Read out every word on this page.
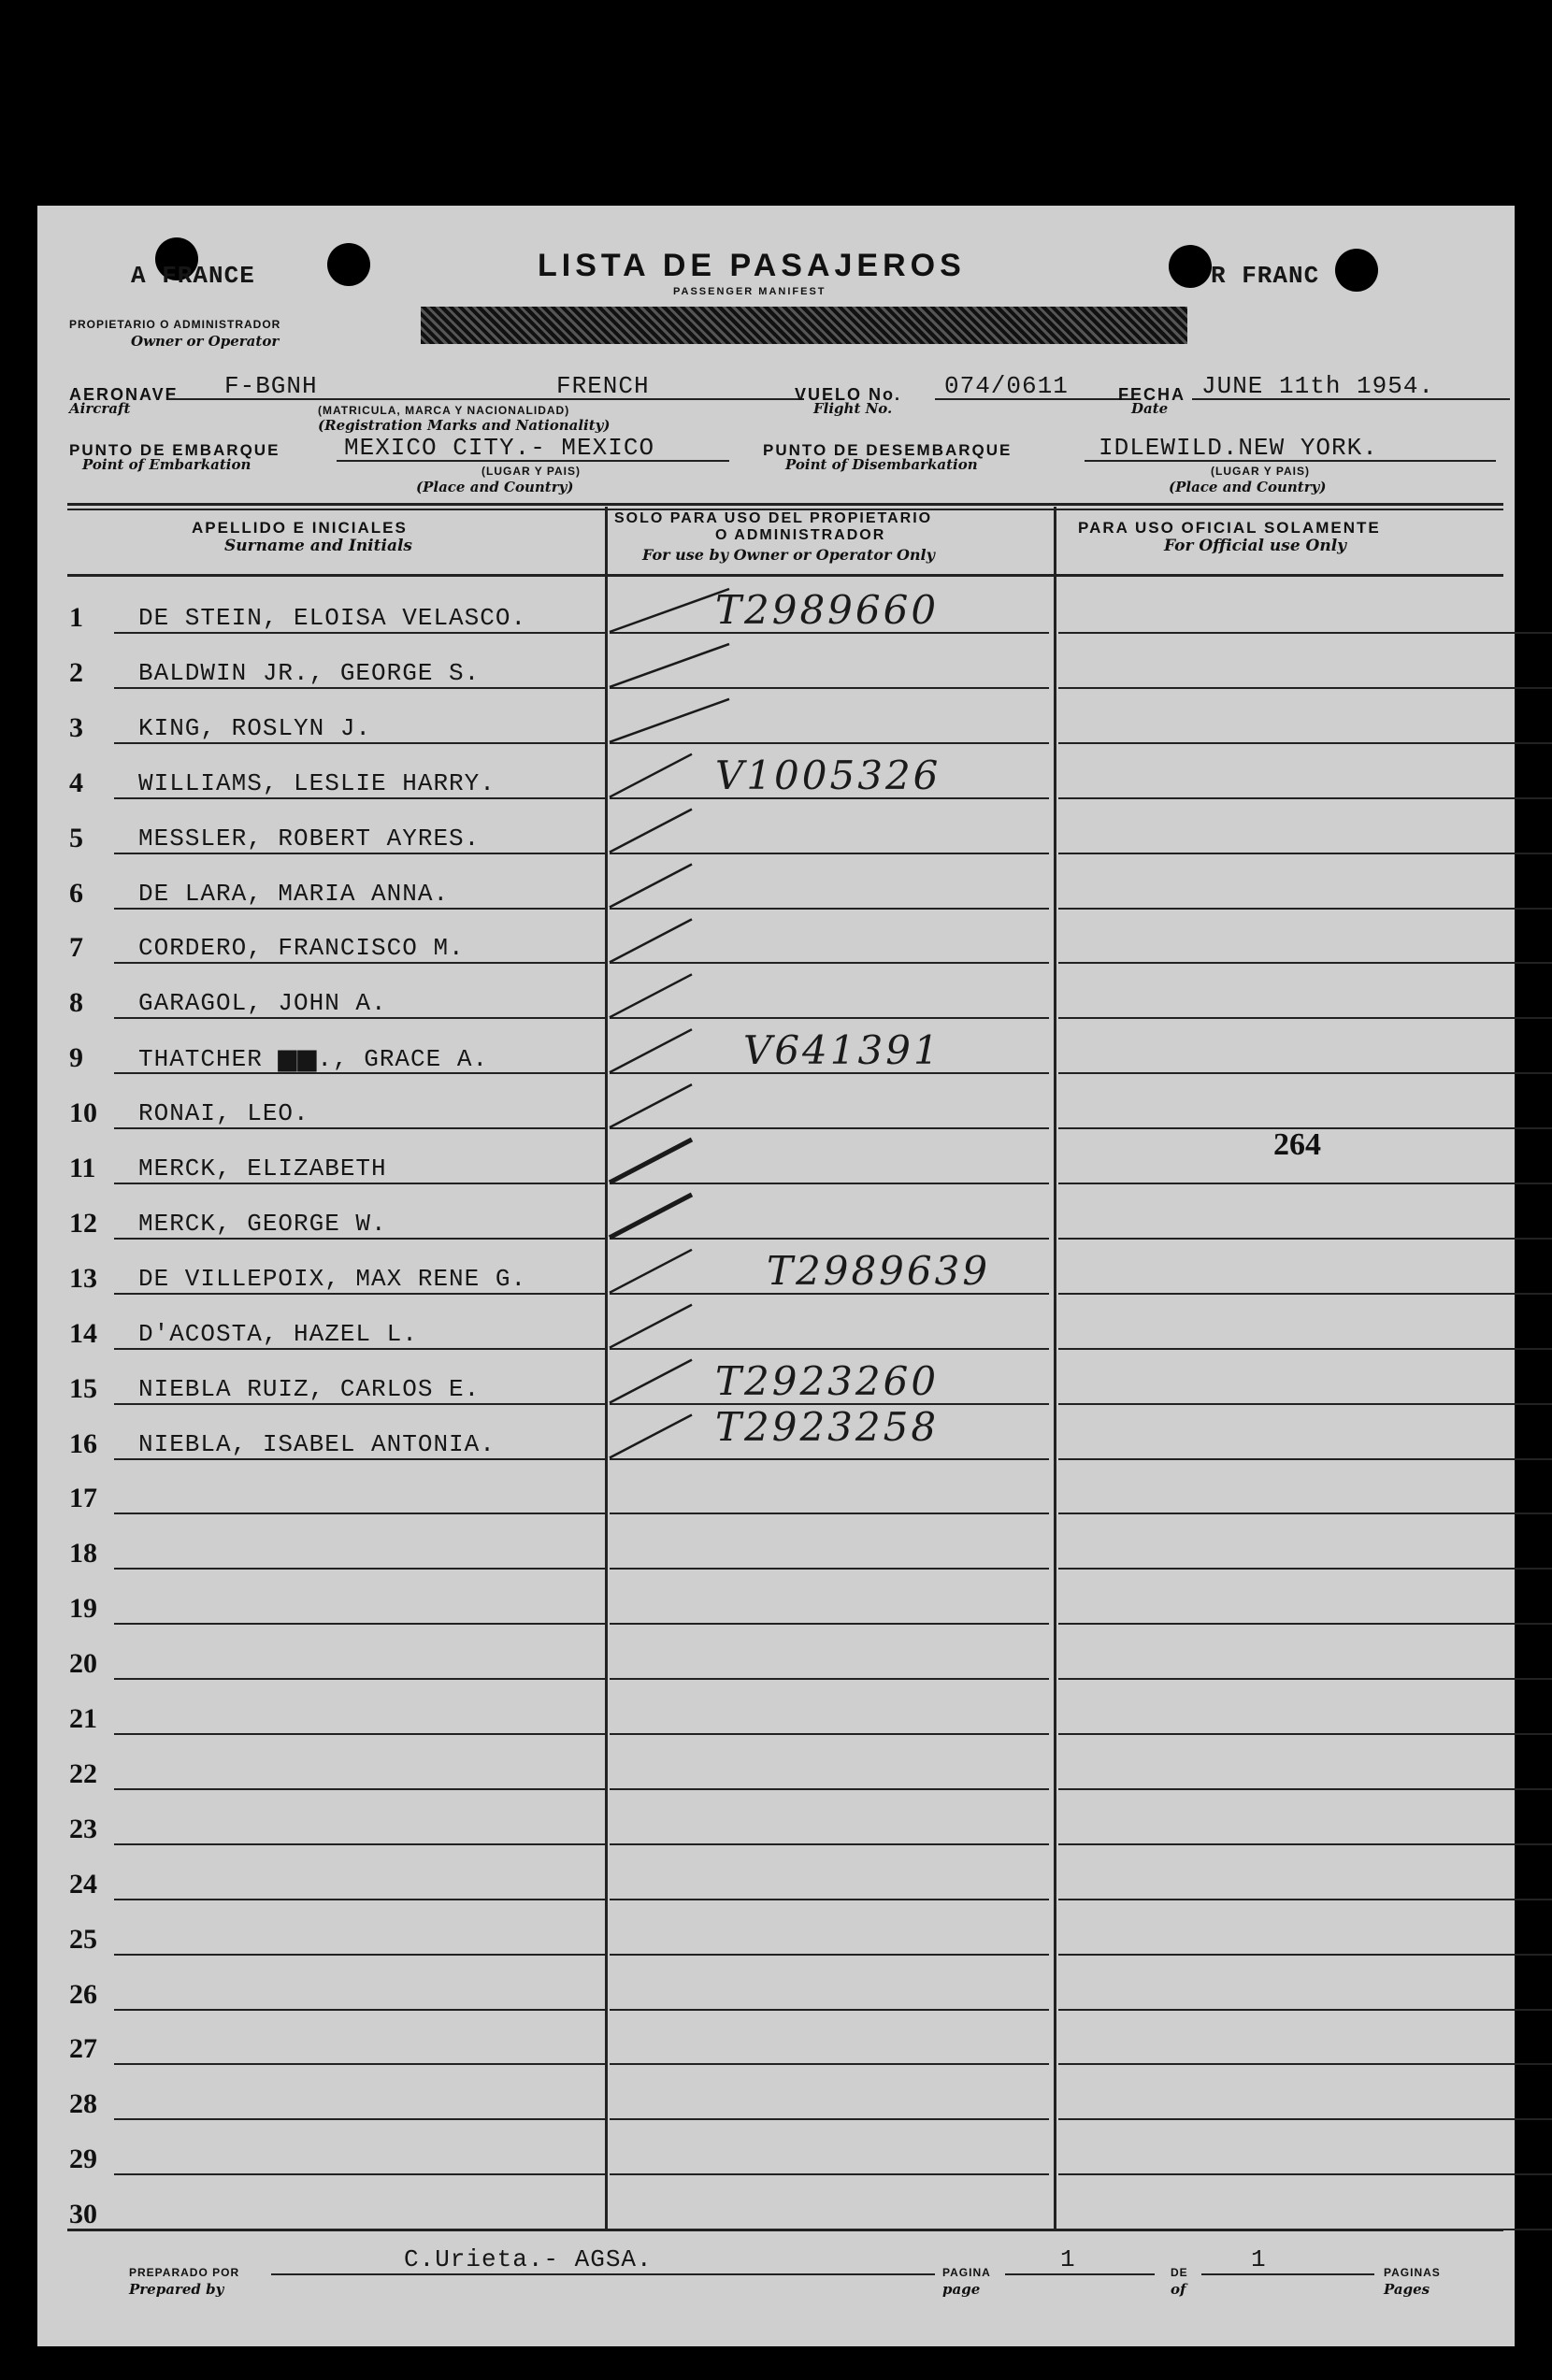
A FRANCE	R FRANC
LISTA DE PASAJEROS
PASSENGER MANIFEST
PROPIETARIO O ADMINISTRADOR
Owner or Operator
AERONAVE
Aircraft
F-BGNH	FRENCH
(MATRICULA, MARCA Y NACIONALIDAD)
(Registration Marks and Nationality)
VUELO No.
Flight No.
074/0611	FECHA
Date
JUNE 11th 1954.
PUNTO DE EMBARQUE
Point of Embarkation
MEXICO CITY.- MEXICO
(LUGAR Y PAIS)
(Place and Country)
PUNTO DE DESEMBARQUE
Point of Disembarkation
IDLEWILD.NEW YORK.
(LUGAR Y PAIS)
(Place and Country)
APELLIDO E INICIALES
Surname and Initials
SOLO PARA USO DEL PROPIETARIO
O ADMINISTRADOR
For use by Owner or Operator Only
PARA USO OFICIAL SOLAMENTE
For Official use Only
1 DE STEIN, ELOISA VELASCO.	T2989660
2 BALDWIN JR., GEORGE S.
3 KING, ROSLYN J.
4 WILLIAMS, LESLIE HARRY.	V1005326
5 MESSLER, ROBERT AYRES.
6 DE LARA, MARIA ANNA.
7 CORDERO, FRANCISCO M.
8 GARAGOL, JOHN A.
9 THATCHER ▆▆., GRACE A.	V641391
10 RONAI, LEO.
11 MERCK, ELIZABETH
12 MERCK, GEORGE W.
13 DE VILLEPOIX, MAX RENE G.	T2989639
14 D'ACOSTA, HAZEL L.
15 NIEBLA RUIZ, CARLOS E.	T2923260
16 NIEBLA, ISABEL ANTONIA.	T2923258
17
18
19
20
21
22
23
24
25
26
27
28
29
30
264
PREPARADO POR
Prepared by
C.Urieta.- AGSA.	PAGINA
page
1	DE
of
1	PAGINAS
Pages
